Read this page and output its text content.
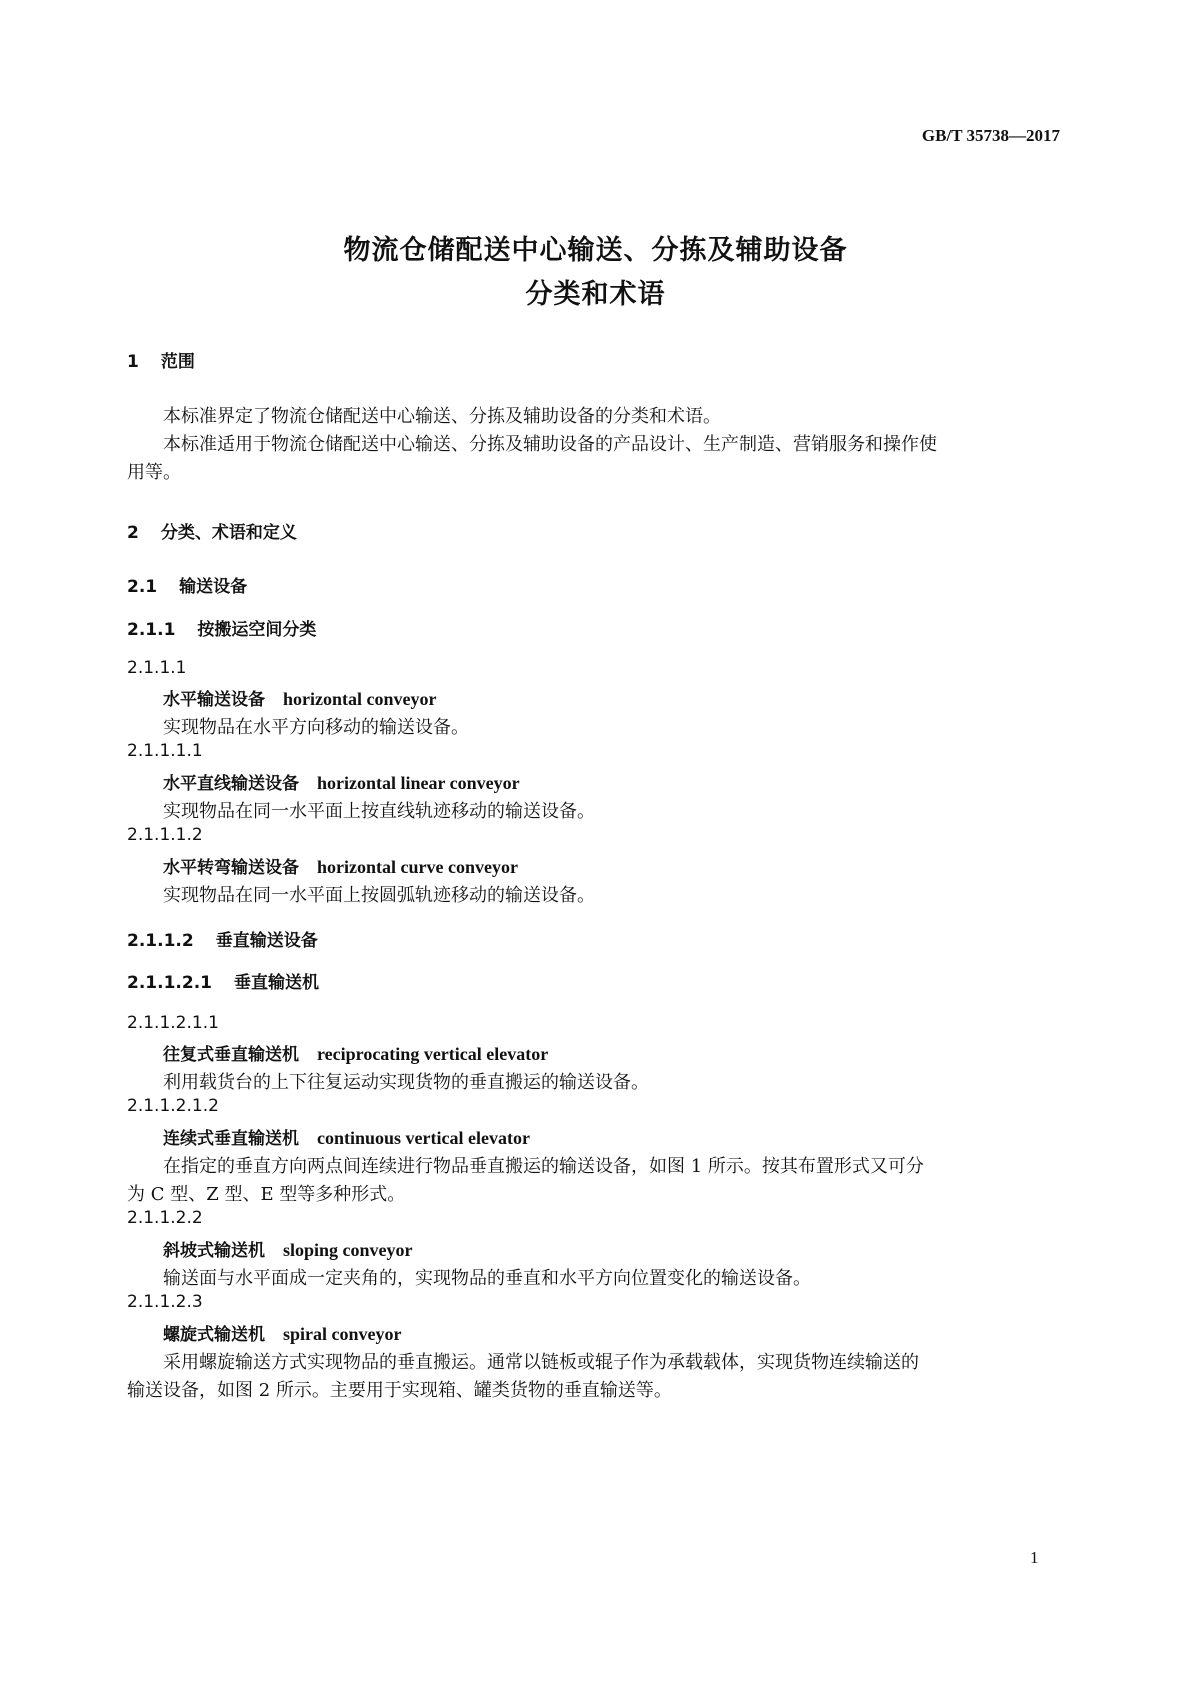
GB/T 35738—2017
物流仓储配送中心输送、分拣及辅助设备
分类和术语
1 范围
本标准界定了物流仓储配送中心输送、分拣及辅助设备的分类和术语。
本标准适用于物流仓储配送中心输送、分拣及辅助设备的产品设计、生产制造、营销服务和操作使
用等。
2 分类、术语和定义
2.1 输送设备
2.1.1 按搬运空间分类
2.1.1.1
水平输送设备 horizontal conveyor
实现物品在水平方向移动的输送设备。
2.1.1.1.1
水平直线输送设备 horizontal linear conveyor
实现物品在同一水平面上按直线轨迹移动的输送设备。
2.1.1.1.2
水平转弯输送设备 horizontal curve conveyor
实现物品在同一水平面上按圆弧轨迹移动的输送设备。
2.1.1.2 垂直输送设备
2.1.1.2.1 垂直输送机
2.1.1.2.1.1
往复式垂直输送机 reciprocating vertical elevator
利用载货台的上下往复运动实现货物的垂直搬运的输送设备。
2.1.1.2.1.2
连续式垂直输送机 continuous vertical elevator
在指定的垂直方向两点间连续进行物品垂直搬运的输送设备，如图 1 所示。按其布置形式又可分
为 C 型、Z 型、E 型等多种形式。
2.1.1.2.2
斜坡式输送机 sloping conveyor
输送面与水平面成一定夹角的，实现物品的垂直和水平方向位置变化的输送设备。
2.1.1.2.3
螺旋式输送机 spiral conveyor
采用螺旋输送方式实现物品的垂直搬运。通常以链板或辊子作为承载载体，实现货物连续输送的
输送设备，如图 2 所示。主要用于实现箱、罐类货物的垂直输送等。
1
